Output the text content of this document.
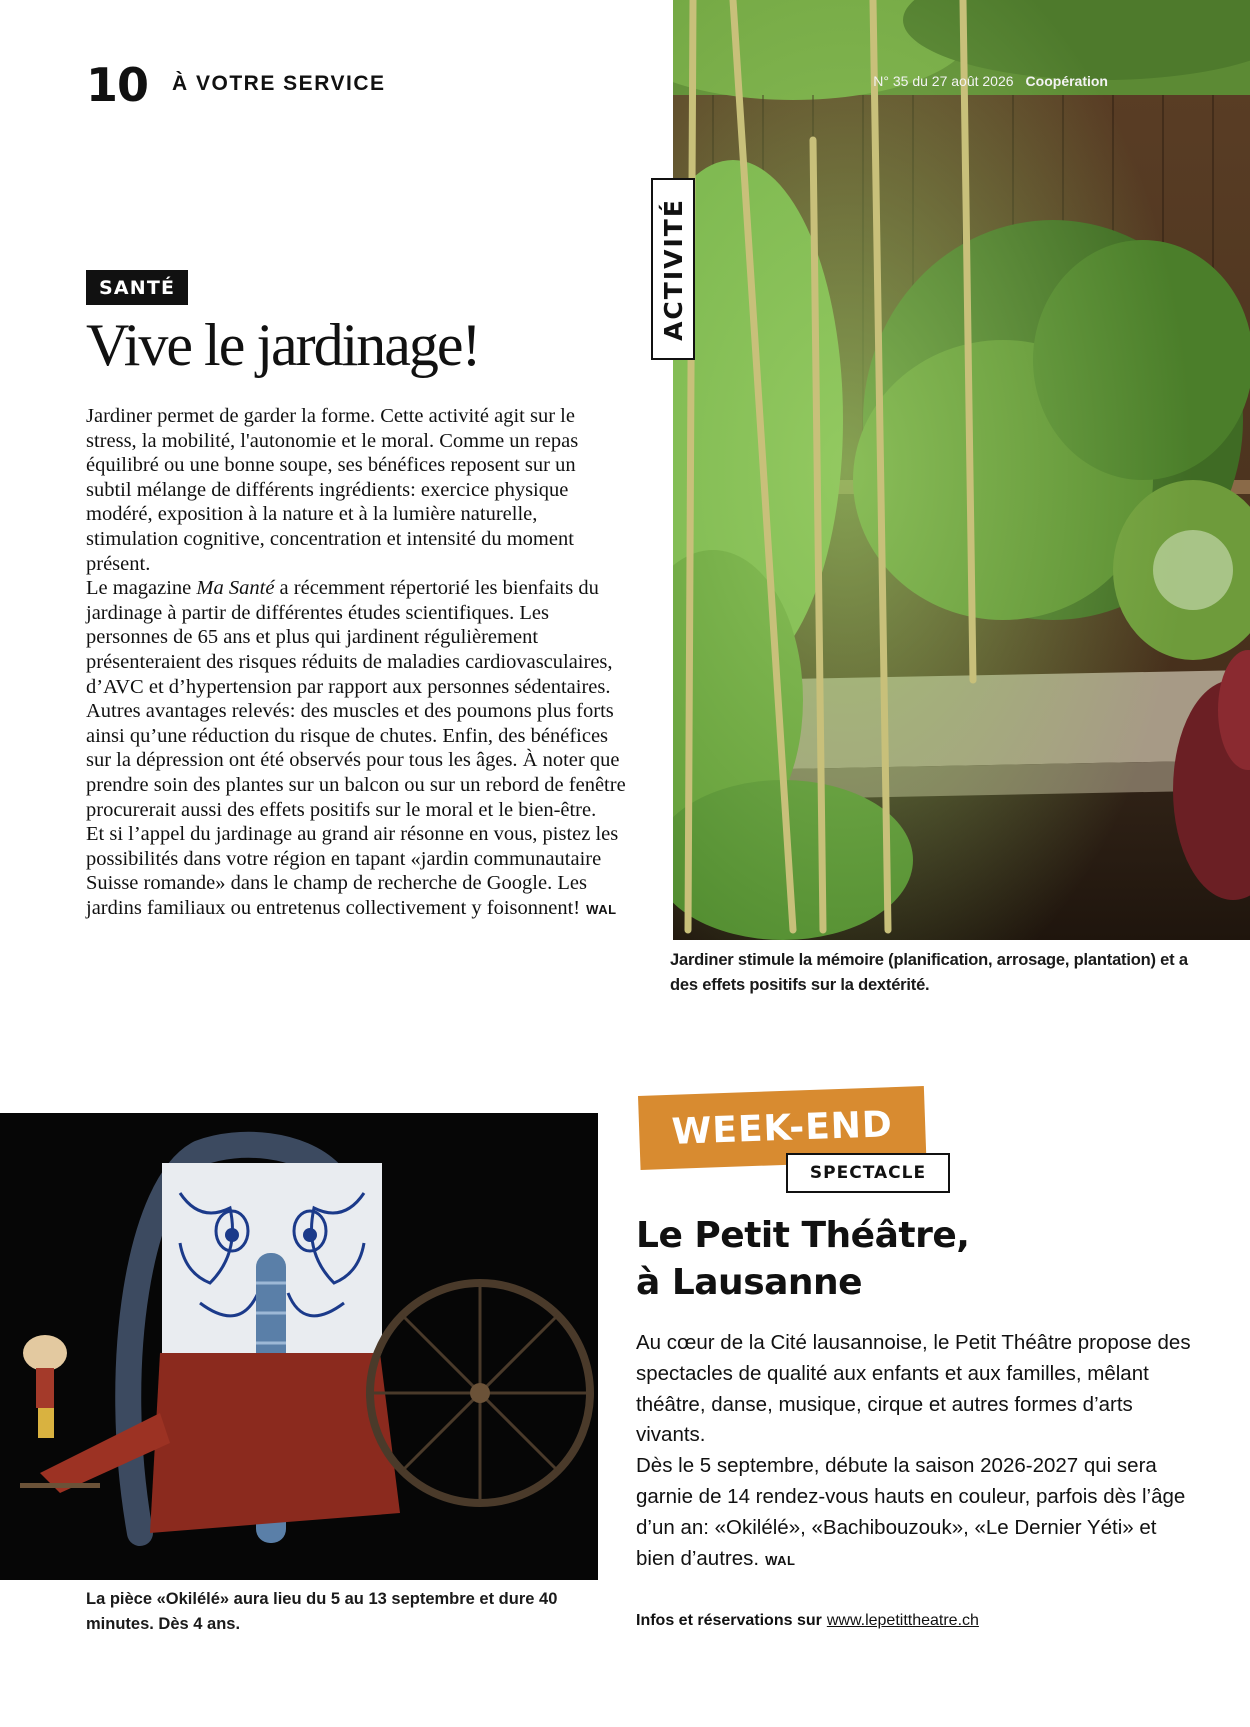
10 À VOTRE SERVICE	N° 35 du 27 août 2026 Coopération
ACTIVITÉ
Jardiner stimule la mémoire (planification, arrosage, plantation) et a des effets positifs sur la dextérité.
SANTÉ
Vive le jardinage!

Jardiner permet de garder la forme. Cette activité agit sur le stress, la mobilité, l'autonomie et le moral. Comme un repas équilibré ou une bonne soupe, ses bénéfices reposent sur un subtil mélange de différents ingrédients: exercice physique modéré, exposition à la nature et à la lumière naturelle, stimulation cognitive, concentration et intensité du moment présent.

Le magazine Ma Santé a récemment répertorié les bienfaits du jardinage à partir de différentes études scientifiques. Les personnes de 65 ans et plus qui jardinent régulièrement présenteraient des risques réduits de maladies cardiovasculaires, d’AVC et d’hypertension par rapport aux personnes sédentaires.

Autres avantages relevés: des muscles et des poumons plus forts ainsi qu’une réduction du risque de chutes. Enfin, des bénéfices sur la dépression ont été observés pour tous les âges. À noter que prendre soin des plantes sur un balcon ou sur un rebord de fenêtre procurerait aussi des effets positifs sur le moral et le bien-être.

Et si l’appel du jardinage au grand air résonne en vous, pistez les possibilités dans votre région en tapant «jardin communautaire Suisse romande» dans le champ de recherche de Google. Les jardins familiaux ou entretenus collectivement y foisonnent! WAL

La pièce «Okilélé» aura lieu du 5 au 13 septembre et dure 40 minutes. Dès 4 ans.
WEEK-END
SPECTACLE
Le Petit Théâtre,
à Lausanne

Au cœur de la Cité lausannoise, le Petit Théâtre propose des spectacles de qualité aux enfants et aux familles, mêlant théâtre, danse, musique, cirque et autres formes d’arts vivants.

Dès le 5 septembre, débute la saison 2026-2027 qui sera garnie de 14 rendez-vous hauts en couleur, parfois dès l’âge d’un an: «Okilélé», «Bachibouzouk», «Le Dernier Yéti» et bien d’autres. WAL

Infos et réservations sur www.lepetittheatre.ch
